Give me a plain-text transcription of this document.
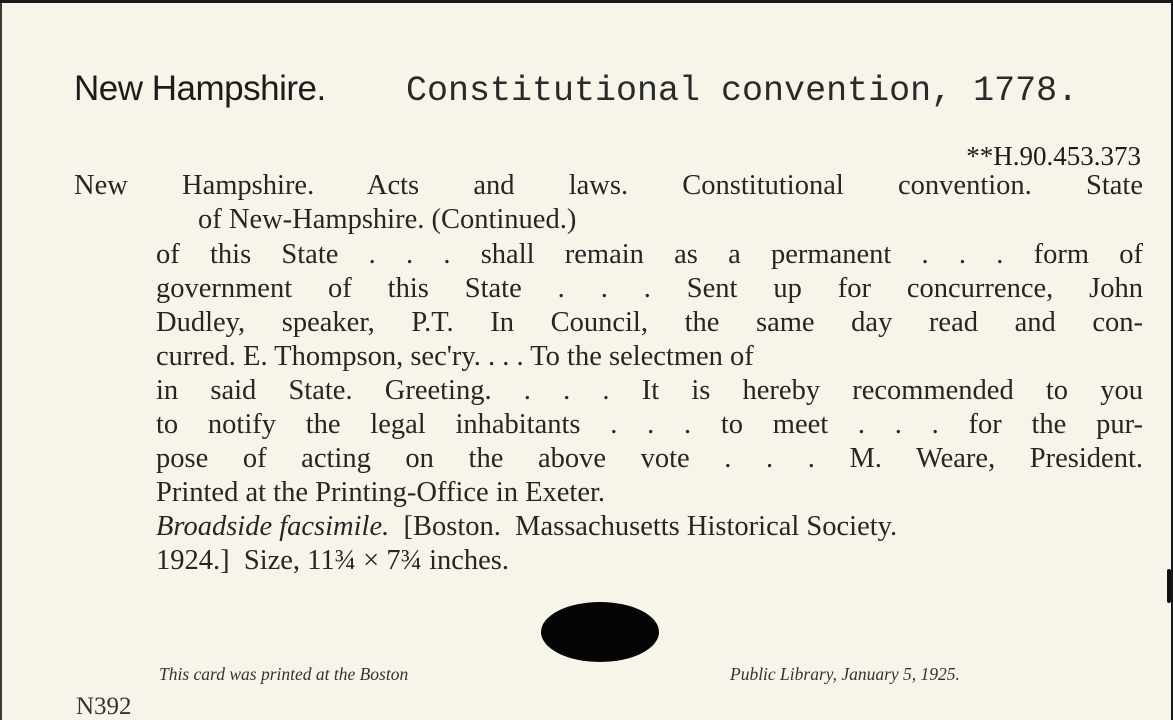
New Hampshire. Constitutional convention, 1778.
**H.90.453.373
New Hampshire. Acts and laws. Constitutional convention. State
of New-Hampshire. (Continued.)
of this State . . . shall remain as a permanent . . . form of
government of this State . . . Sent up for concurrence, John
Dudley, speaker, P.T. In Council, the same day read and con-
curred. E. Thompson, sec'ry. . . . To the selectmen of
in said State. Greeting. . . . It is hereby recommended to you
to notify the legal inhabitants . . . to meet . . . for the pur-
pose of acting on the above vote . . . M. Weare, President.
Printed at the Printing-Office in Exeter.
Broadside facsimile.  [Boston.  Massachusetts Historical Society.
1924.]  Size, 11¾ × 7¾ inches.
This card was printed at the Boston	Public Library, January 5, 1925.
N392
